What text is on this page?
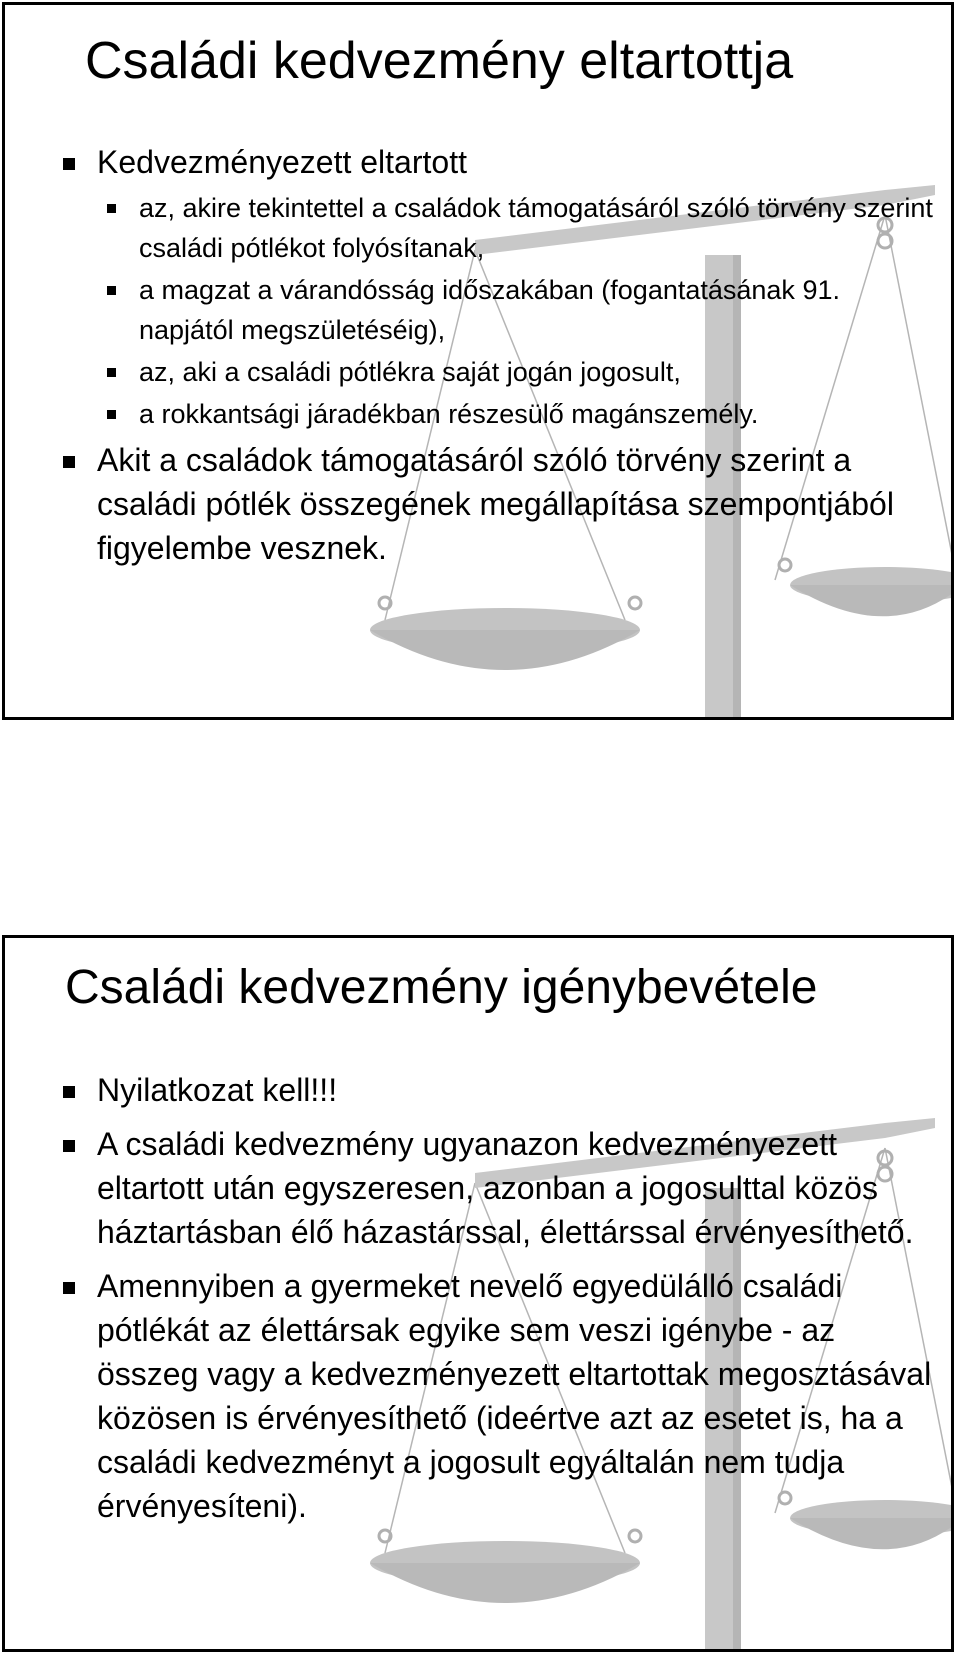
Családi kedvezmény eltartottja
Kedvezményezett eltartott
az, akire tekintettel a családok támogatásáról szóló törvény szerint családi pótlékot folyósítanak,
a magzat a várandósság időszakában (fogantatásának 91. napjától megszületéséig),
az, aki a családi pótlékra saját jogán jogosult,
a rokkantsági járadékban részesülő magánszemély.
Akit a családok támogatásáról szóló törvény szerint a családi pótlék összegének megállapítása szempontjából figyelembe vesznek.
Családi kedvezmény igénybevétele
Nyilatkozat kell!!!
A családi kedvezmény ugyanazon kedvezményezett eltartott után egyszeresen, azonban a jogosulttal közös háztartásban élő házastárssal, élettárssal érvényesíthető.
Amennyiben a gyermeket nevelő egyedülálló családi pótlékát az élettársak egyike sem veszi igénybe - az összeg vagy a kedvezményezett eltartottak megosztásával közösen is érvényesíthető (ideértve azt az esetet is, ha a családi kedvezményt a jogosult egyáltalán nem tudja érvényesíteni).
